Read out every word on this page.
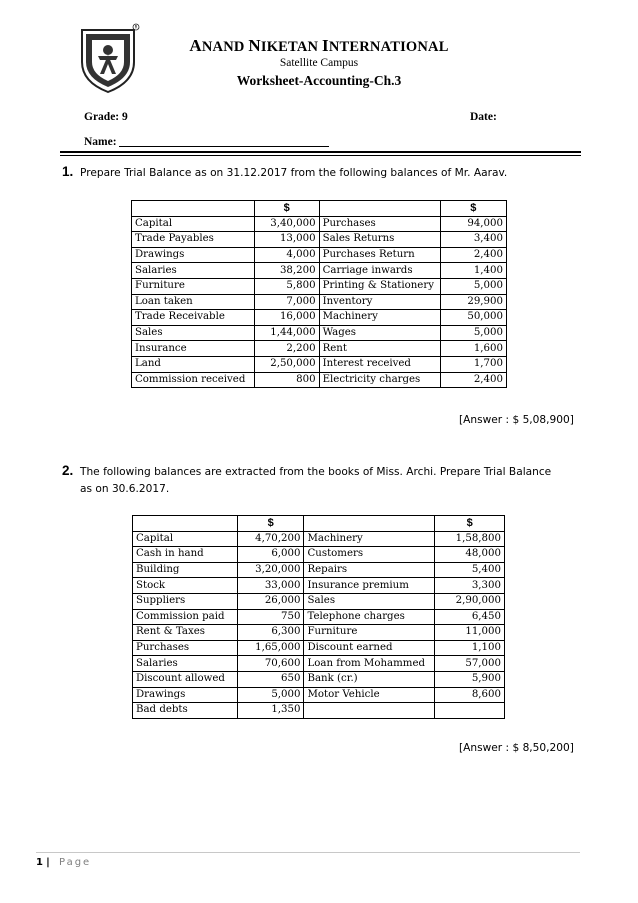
R
ANAND NIKETAN INTERNATIONAL
Satellite Campus
Worksheet-Accounting-Ch.3
Grade: 9	Date:
Name:
1. Prepare Trial Balance as on 31.12.2017 from the following balances of Mr. Aarav.
	$		$
Capital	3,40,000	Purchases	94,000
Trade Payables	13,000	Sales Returns	3,400
Drawings	4,000	Purchases Return	2,400
Salaries	38,200	Carriage inwards	1,400
Furniture	5,800	Printing & Stationery	5,000
Loan taken	7,000	Inventory	29,900
Trade Receivable	16,000	Machinery	50,000
Sales	1,44,000	Wages	5,000
Insurance	2,200	Rent	1,600
Land	2,50,000	Interest received	1,700
Commission received	800	Electricity charges	2,400
[Answer : $ 5,08,900]
2. The following balances are extracted from the books of Miss. Archi. Prepare Trial Balance
as on 30.6.2017.
	$		$
Capital	4,70,200	Machinery	1,58,800
Cash in hand	6,000	Customers	48,000
Building	3,20,000	Repairs	5,400
Stock	33,000	Insurance premium	3,300
Suppliers	26,000	Sales	2,90,000
Commission paid	750	Telephone charges	6,450
Rent & Taxes	6,300	Furniture	11,000
Purchases	1,65,000	Discount earned	1,100
Salaries	70,600	Loan from Mohammed	57,000
Discount allowed	650	Bank (cr.)	5,900
Drawings	5,000	Motor Vehicle	8,600
Bad debts	1,350		
[Answer : $ 8,50,200]
1 | Page
